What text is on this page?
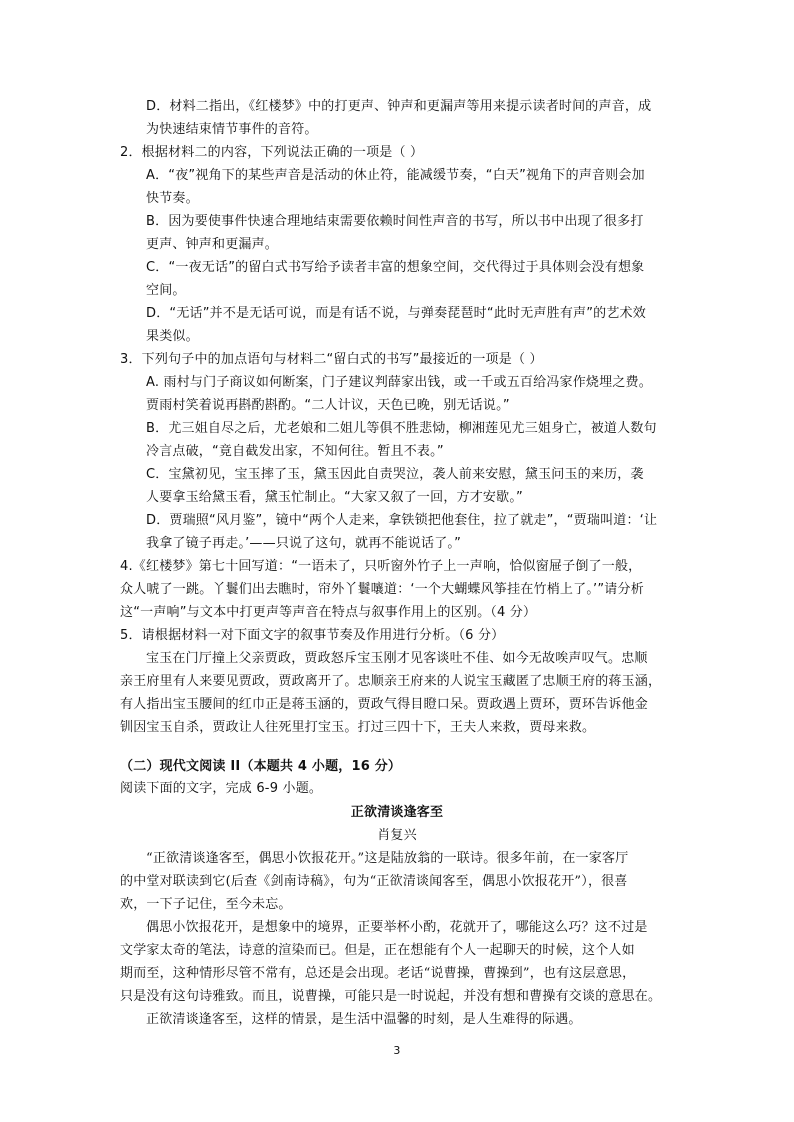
D．材料二指出，《红楼梦》中的打更声、钟声和更漏声等用来提示读者时间的声音，成
为快速结束情节事件的音符。
2．根据材料二的内容，下列说法正确的一项是（ ）
A．“夜”视角下的某些声音是活动的休止符，能减缓节奏，“白天”视角下的声音则会加
快节奏。
B．因为要使事件快速合理地结束需要依赖时间性声音的书写，所以书中出现了很多打
更声、钟声和更漏声。
C．“一夜无话”的留白式书写给予读者丰富的想象空间，交代得过于具体则会没有想象
空间。
D．“无话”并不是无话可说，而是有话不说，与弹奏琵琶时“此时无声胜有声”的艺术效
果类似。
3．下列句子中的加点语句与材料二“留白式的书写”最接近的一项是（ ）
A. 雨村与门子商议如何断案，门子建议判薛家出钱，或一千或五百给冯家作烧埋之费。
贾雨村笑着说再斟酌斟酌。“二人计议，天色已晚，别无话说。”
B．尤三姐自尽之后，尤老娘和二姐儿等俱不胜悲恸，柳湘莲见尤三姐身亡，被道人数句
冷言点破，“竟自截发出家，不知何往。暂且不表。”
C．宝黛初见，宝玉摔了玉，黛玉因此自责哭泣，袭人前来安慰，黛玉问玉的来历，袭
人要拿玉给黛玉看，黛玉忙制止。“大家又叙了一回，方才安歇。”
D．贾瑞照“风月鉴”，镜中“两个人走来，拿铁锁把他套住，拉了就走”，“贾瑞叫道：‘让
我拿了镜子再走。’——只说了这句，就再不能说话了。”
4.《红楼梦》第七十回写道：“一语未了，只听窗外竹子上一声响，恰似窗屉子倒了一般，
众人唬了一跳。丫鬟们出去瞧时，帘外丫鬟嚷道：‘一个大蝴蝶风筝挂在竹梢上了。’”请分析
这“一声响”与文本中打更声等声音在特点与叙事作用上的区别。（4 分）
5．请根据材料一对下面文字的叙事节奏及作用进行分析。（6 分）
宝玉在门厅撞上父亲贾政，贾政怒斥宝玉刚才见客谈吐不佳、如今无故唉声叹气。忠顺
亲王府里有人来要见贾政，贾政离开了。忠顺亲王府来的人说宝玉藏匿了忠顺王府的蒋玉涵，
有人指出宝玉腰间的红巾正是蒋玉涵的，贾政气得目瞪口呆。贾政遇上贾环，贾环告诉他金
钏因宝玉自杀，贾政让人往死里打宝玉。打过三四十下，王夫人来救，贾母来救。
（二）现代文阅读 II（本题共 4 小题，16 分）
阅读下面的文字，完成 6-9 小题。
正欲清谈逢客至
肖复兴
“正欲清谈逢客至，偶思小饮报花开。”这是陆放翁的一联诗。很多年前，在一家客厅
的中堂对联读到它(后查《剑南诗稿》，句为“正欲清谈闻客至，偶思小饮报花开”），很喜
欢，一下子记住，至今未忘。
偶思小饮报花开，是想象中的境界，正要举杯小酌，花就开了，哪能这么巧？这不过是
文学家太奇的笔法，诗意的渲染而已。但是，正在想能有个人一起聊天的时候，这个人如
期而至，这种情形尽管不常有，总还是会出现。老话“说曹操，曹操到”，也有这层意思，
只是没有这句诗雅致。而且，说曹操，可能只是一时说起，并没有想和曹操有交谈的意思在。
正欲清谈逢客至，这样的情景，是生活中温馨的时刻，是人生难得的际遇。
3
